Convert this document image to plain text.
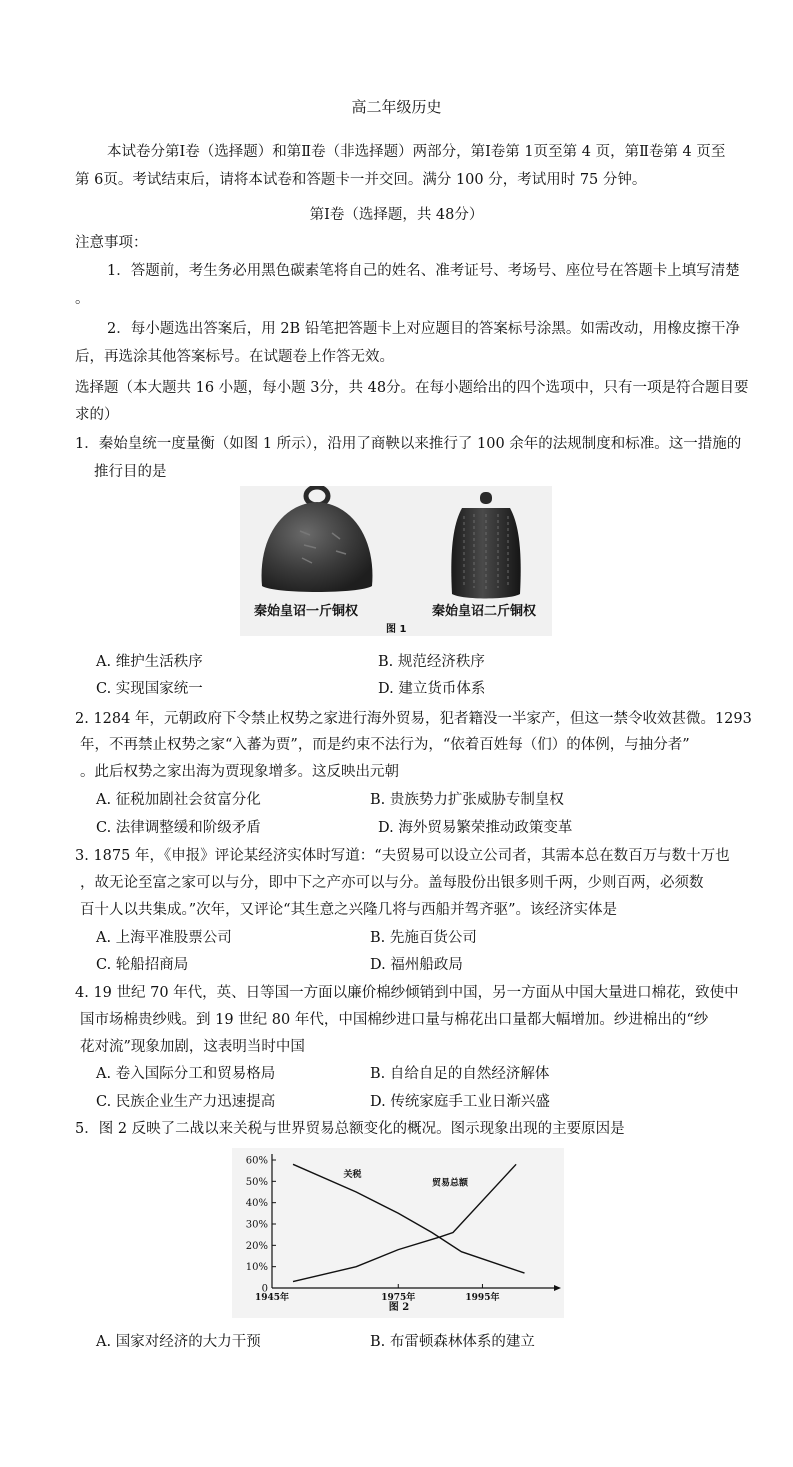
高二年级历史
本试卷分第Ⅰ卷（选择题）和第Ⅱ卷（非选择题）两部分，第Ⅰ卷第 1页至第 4 页，第Ⅱ卷第 4 页至
第 6页。考试结束后，请将本试卷和答题卡一并交回。满分 100 分，考试用时 75 分钟。
第Ⅰ卷（选择题，共 48分）
注意事项：
1．答题前，考生务必用黑色碳素笔将自己的姓名、准考证号、考场号、座位号在答题卡上填写清楚
。
2．每小题选出答案后，用 2B 铅笔把答题卡上对应题目的答案标号涂黑。如需改动，用橡皮擦干净
后，再选涂其他答案标号。在试题卷上作答无效。
选择题（本大题共 16 小题，每小题 3分，共 48分。在每小题给出的四个选项中，只有一项是符合题目要
求的）
1．秦始皇统一度量衡（如图 1 所示），沿用了商鞅以来推行了 100 余年的法规制度和标准。这一措施的
推行目的是
秦始皇诏一斤铜权	秦始皇诏二斤铜权
图 1
A. 维护生活秩序	B. 规范经济秩序
C. 实现国家统一	D. 建立货币体系
2. 1284 年，元朝政府下令禁止权势之家进行海外贸易，犯者籍没一半家产，但这一禁令收效甚微。1293
年，不再禁止权势之家“入蕃为贾”，而是约束不法行为，“依着百姓每（们）的体例，与抽分者”
。此后权势之家出海为贾现象增多。这反映出元朝
A. 征税加剧社会贫富分化	B. 贵族势力扩张威胁专制皇权
C. 法律调整缓和阶级矛盾	D. 海外贸易繁荣推动政策变革
3. 1875 年，《申报》评论某经济实体时写道：“夫贸易可以设立公司者，其需本总在数百万与数十万也
，故无论至富之家可以与分，即中下之产亦可以与分。盖每股份出银多则千两，少则百两，必须数
百十人以共集成。”次年，又评论“其生意之兴隆几将与西船并驾齐驱”。该经济实体是
A. 上海平准股票公司	B. 先施百货公司
C. 轮船招商局	D. 福州船政局
4. 19 世纪 70 年代，英、日等国一方面以廉价棉纱倾销到中国，另一方面从中国大量进口棉花，致使中
国市场棉贵纱贱。到 19 世纪 80 年代，中国棉纱进口量与棉花出口量都大幅增加。纱进棉出的“纱
花对流”现象加剧，这表明当时中国
A. 卷入国际分工和贸易格局	B. 自给自足的自然经济解体
C. 民族企业生产力迅速提高	D. 传统家庭手工业日渐兴盛
5．图 2 反映了二战以来关税与世界贸易总额变化的概况。图示现象出现的主要原因是
0
10%
20%
30%
40%
50%
60%
1945年	1975年	1995年
关税
贸易总额
图 2
A. 国家对经济的大力干预	B. 布雷顿森林体系的建立
